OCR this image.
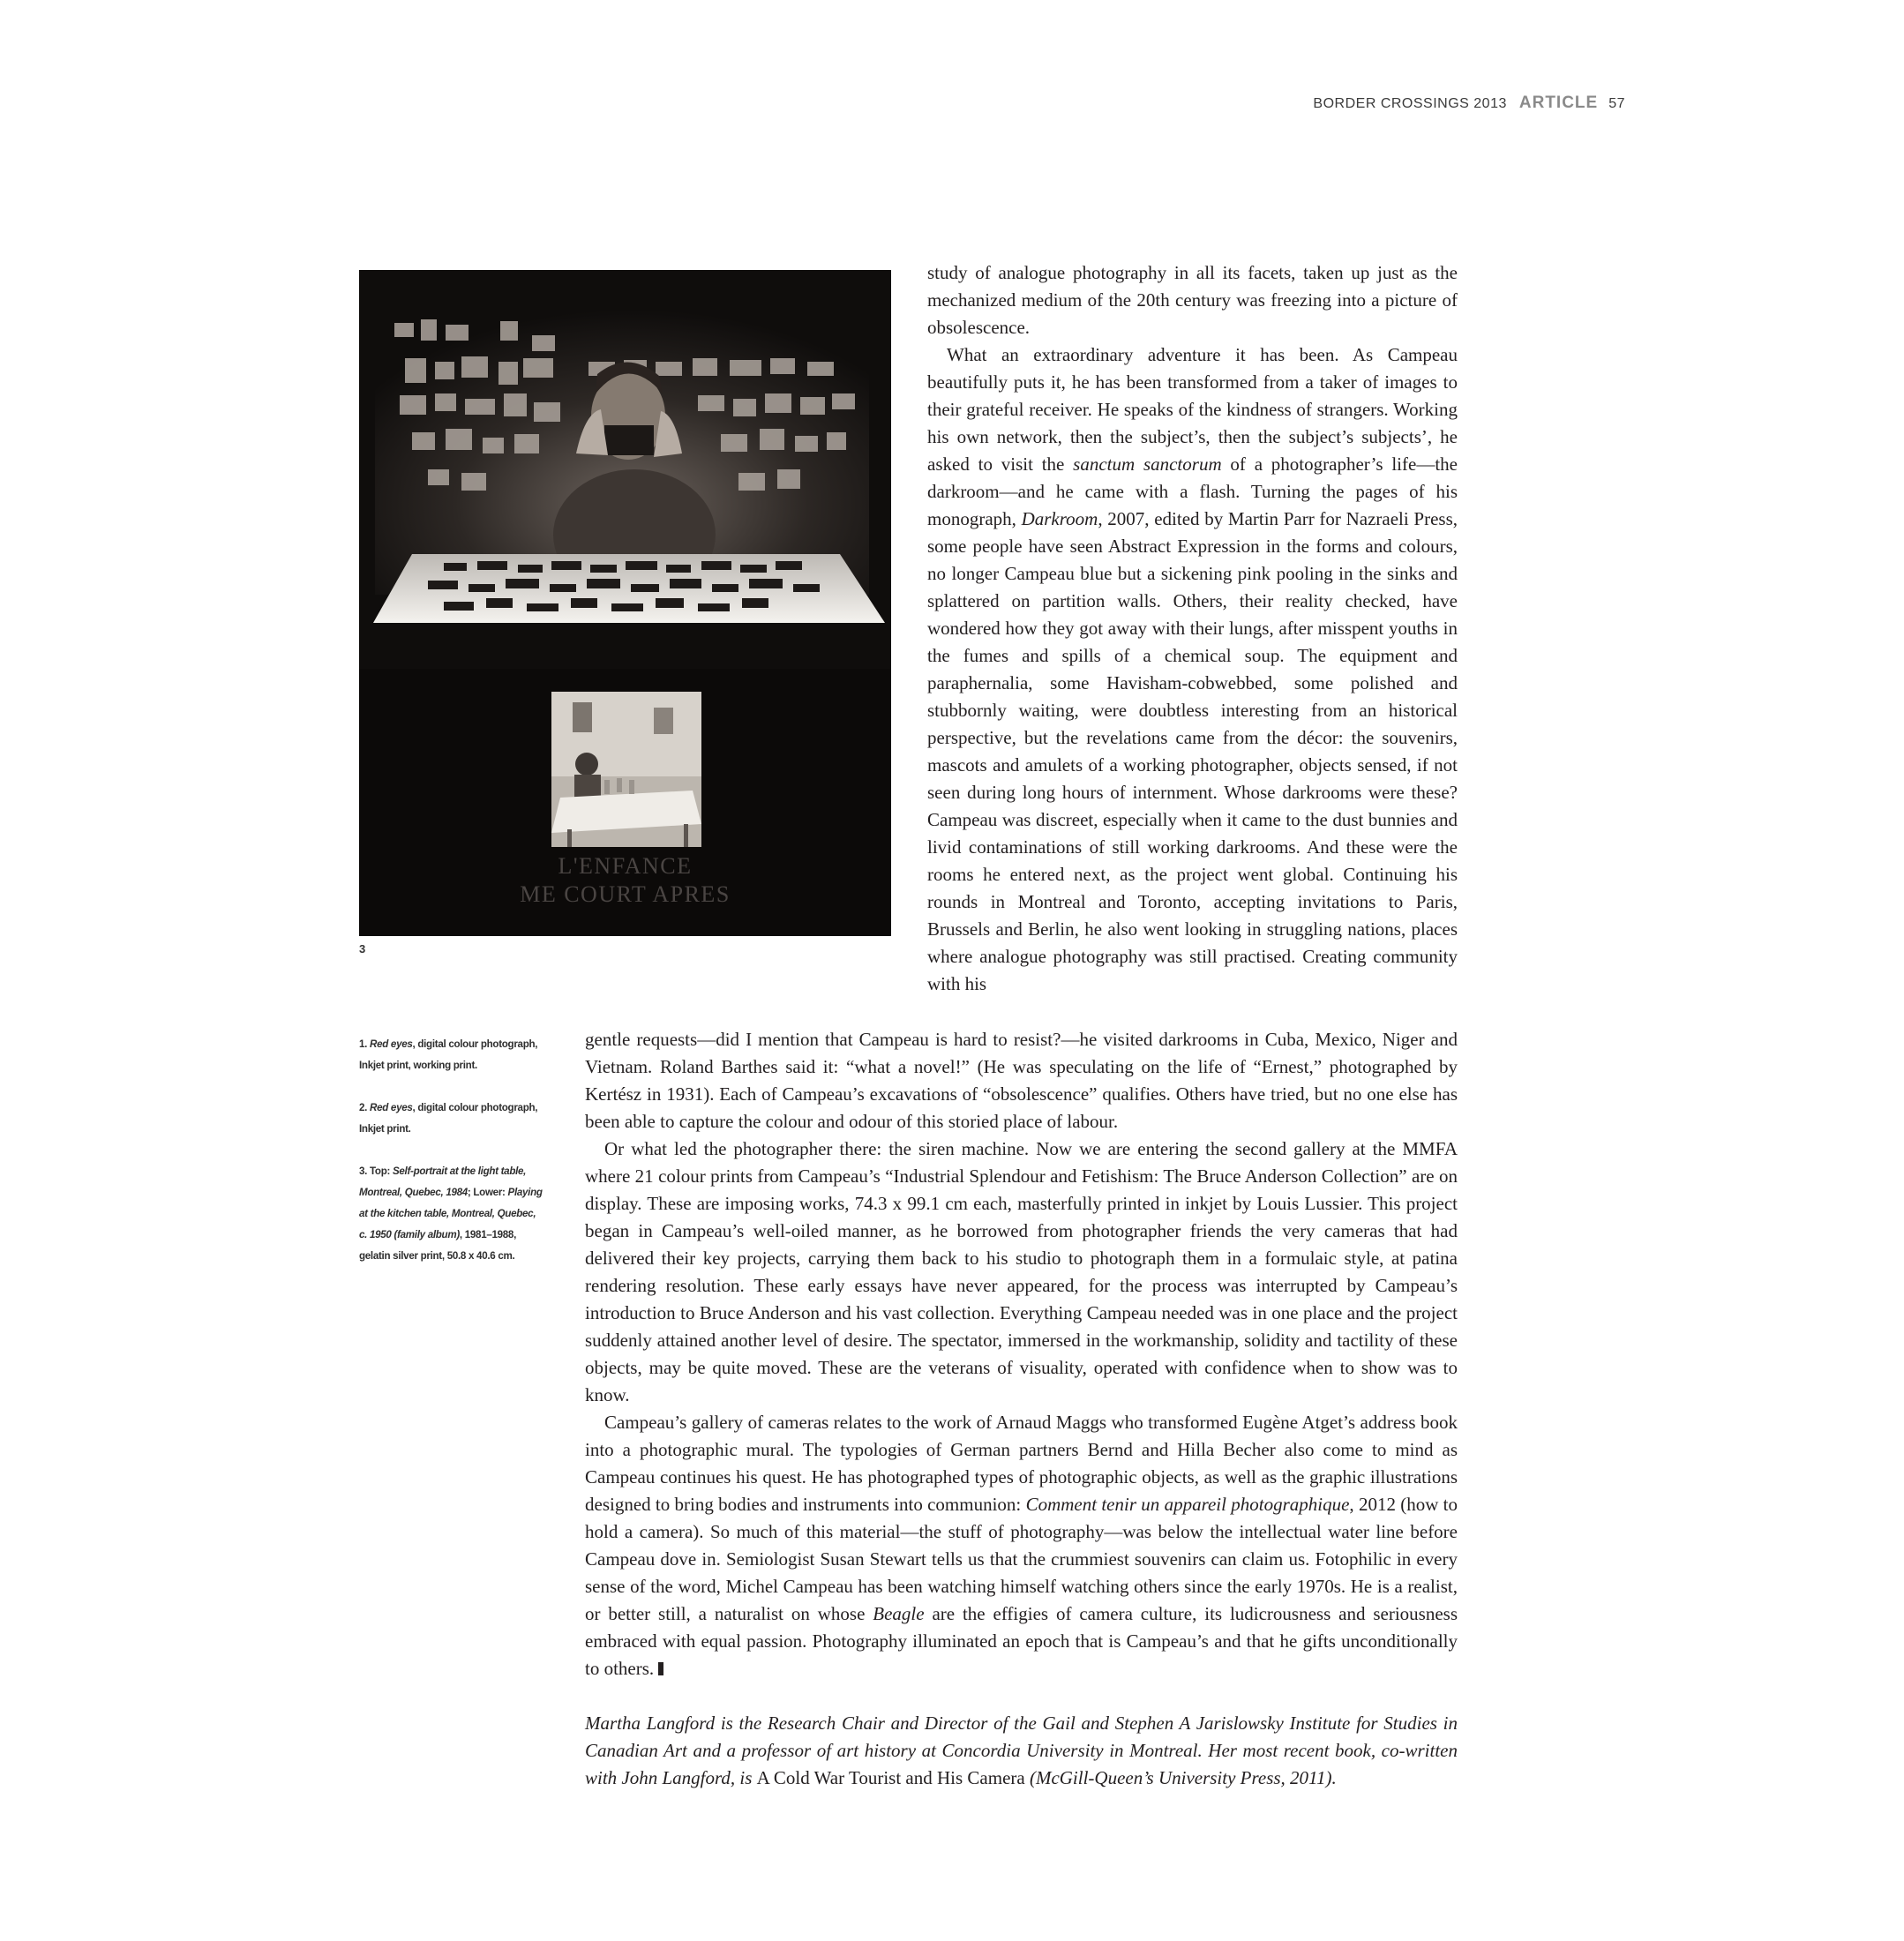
BORDER CROSSINGS 2013 ARTICLE 57
L'ENFANCE
ME COURT APRES
3

1. Red eyes, digital colour photograph, Inkjet print, working print.

2. Red eyes, digital colour photograph, Inkjet print.

3. Top: Self-portrait at the light table, Montreal, Quebec, 1984; Lower: Playing at the kitchen table, Montreal, Quebec, c. 1950 (family album), 1981–1988, gelatin silver print, 50.8 x 40.6 cm.

study of analogue photography in all its facets, taken up just as the mechanized medium of the 20th century was freezing into a picture of obsolescence.

What an extraordinary adventure it has been. As Campeau beautifully puts it, he has been transformed from a taker of images to their grateful receiver. He speaks of the kindness of strangers. Working his own network, then the subject’s, then the subject’s subjects’, he asked to visit the sanctum sanctorum of a photographer’s life—the darkroom—and he came with a flash. Turning the pages of his monograph, Darkroom, 2007, edited by Martin Parr for Nazraeli Press, some people have seen Abstract Expression in the forms and colours, no longer Campeau blue but a sickening pink pooling in the sinks and splattered on partition walls. Others, their reality checked, have wondered how they got away with their lungs, after misspent youths in the fumes and spills of a chemical soup. The equipment and paraphernalia, some Havisham-cobwebbed, some polished and stubbornly waiting, were doubtless interesting from an historical perspective, but the revelations came from the décor: the souvenirs, mascots and amulets of a working photographer, objects sensed, if not seen during long hours of internment. Whose darkrooms were these? Campeau was discreet, especially when it came to the dust bunnies and livid contaminations of still working darkrooms. And these were the rooms he entered next, as the project went global. Continuing his rounds in Montreal and Toronto, accepting invitations to Paris, Brussels and Berlin, he also went looking in struggling nations, places where analogue photography was still practised. Creating community with his

gentle requests—did I mention that Campeau is hard to resist?—he visited darkrooms in Cuba, Mexico, Niger and Vietnam. Roland Barthes said it: “what a novel!” (He was speculating on the life of “Ernest,” photographed by Kertész in 1931). Each of Campeau’s excavations of “obsolescence” qualifies. Others have tried, but no one else has been able to capture the colour and odour of this storied place of labour.

Or what led the photographer there: the siren machine. Now we are entering the second gallery at the MMFA where 21 colour prints from Campeau’s “Industrial Splendour and Fetishism: The Bruce Anderson Collection” are on display. These are imposing works, 74.3 x 99.1 cm each, masterfully printed in inkjet by Louis Lussier. This project began in Campeau’s well-oiled manner, as he borrowed from photographer friends the very cameras that had delivered their key projects, carrying them back to his studio to photograph them in a formulaic style, at patina rendering resolution. These early essays have never appeared, for the process was interrupted by Campeau’s introduction to Bruce Anderson and his vast collection. Everything Campeau needed was in one place and the project suddenly attained another level of desire. The spectator, immersed in the workmanship, solidity and tactility of these objects, may be quite moved. These are the veterans of visuality, operated with confidence when to show was to know.

Campeau’s gallery of cameras relates to the work of Arnaud Maggs who transformed Eugène Atget’s address book into a photographic mural. The typologies of German partners Bernd and Hilla Becher also come to mind as Campeau continues his quest. He has photographed types of photographic objects, as well as the graphic illustrations designed to bring bodies and instruments into communion: Comment tenir un appareil photographique, 2012 (how to hold a camera). So much of this material—the stuff of photography—was below the intellectual water line before Campeau dove in. Semiologist Susan Stewart tells us that the crummiest souvenirs can claim us. Fotophilic in every sense of the word, Michel Campeau has been watching himself watching others since the early 1970s. He is a realist, or better still, a naturalist on whose Beagle are the effigies of camera culture, its ludicrousness and seriousness embraced with equal passion. Photography illuminated an epoch that is Campeau’s and that he gifts unconditionally to others.

Martha Langford is the Research Chair and Director of the Gail and Stephen A Jarislowsky Institute for Studies in Canadian Art and a professor of art history at Concordia University in Montreal. Her most recent book, co-written with John Langford, is A Cold War Tourist and His Camera (McGill-Queen’s University Press, 2011).
